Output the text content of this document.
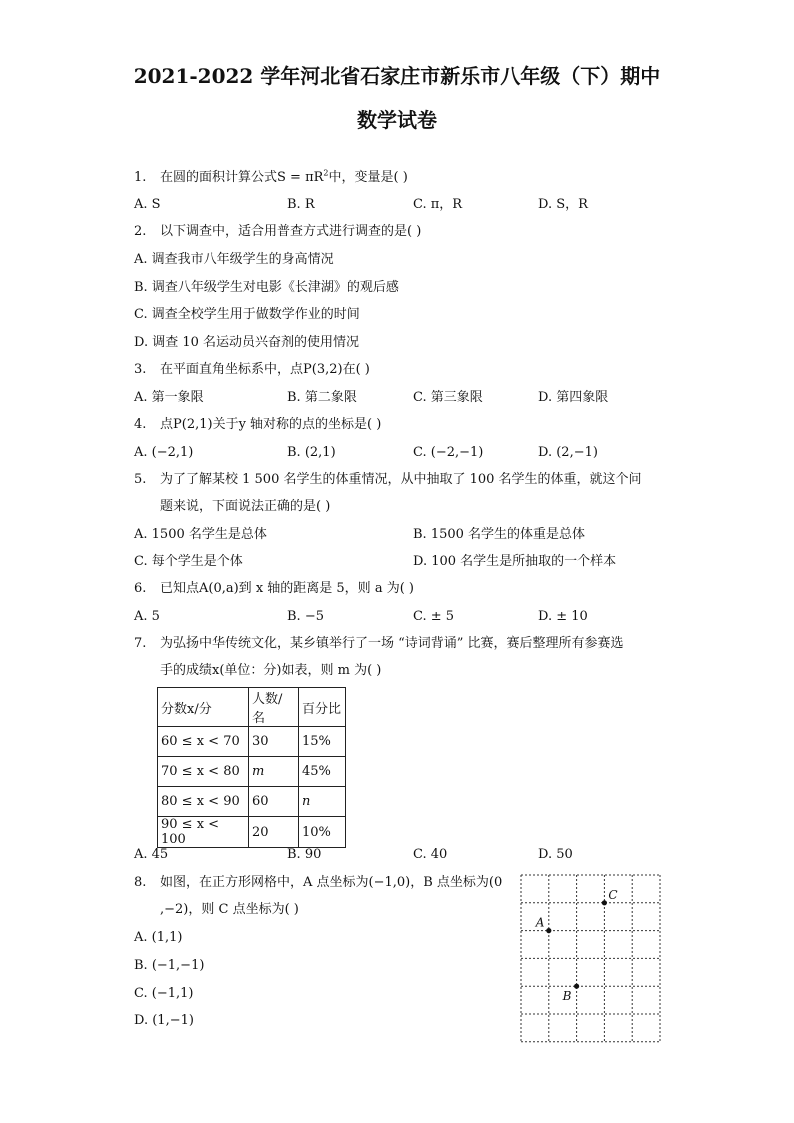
2021-2022 学年河北省石家庄市新乐市八年级（下）期中
数学试卷
1. 在圆的面积计算公式$S = \pi R^2$中，变量是( )
A. S	B. R	C. π，R	D. S，R
2. 以下调查中，适合用普查方式进行调查的是( )
A. 调查我市八年级学生的身高情况
B. 调查八年级学生对电影《长津湖》的观后感
C. 调查全校学生用于做数学作业的时间
D. 调查 10 名运动员兴奋剂的使用情况
3. 在平面直角坐标系中，点P(3,2)在( )
A. 第一象限	B. 第二象限	C. 第三象限	D. 第四象限
4. 点P(2,1)关于y 轴对称的点的坐标是( )
A. (−2,1)	B. (2,1)	C. (−2,−1)	D. (2,−1)
5. 为了了解某校 1 500 名学生的体重情况，从中抽取了 100 名学生的体重，就这个问
题来说，下面说法正确的是( )
A. 1500 名学生是总体	B. 1500 名学生的体重是总体
C. 每个学生是个体	D. 100 名学生是所抽取的一个样本
6. 已知点A(0,a)到 x 轴的距离是 5，则 a 为( )
A. 5	B. −5	C. ± 5	D. ± 10
7. 为弘扬中华传统文化，某乡镇举行了一场 “诗词背诵” 比赛，赛后整理所有参赛选
手的成绩x(单位：分)如表，则 m 为( )
分数x/分	人数/名	百分比
60 ≤ x < 70	30	15%
70 ≤ x < 80	m	45%
80 ≤ x < 90	60	n
90 ≤ x < 100	20	10%
A. 45	B. 90	C. 40	D. 50
8. 如图，在正方形网格中，A 点坐标为(−1,0)，B 点坐标为(0
,−2)，则 C 点坐标为( )
A. (1,1)
B. (−1,−1)
C. (−1,1)
D. (1,−1)
A
B
C
